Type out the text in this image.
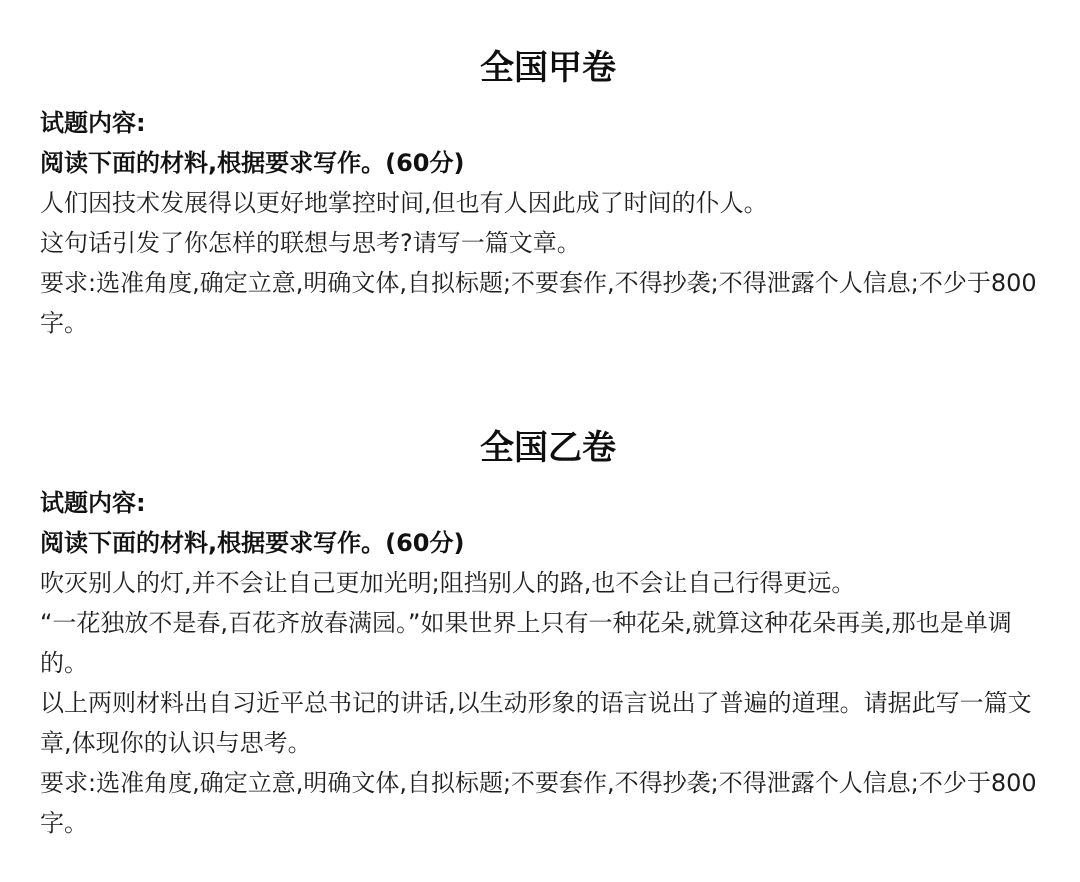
全国甲卷

试题内容:

阅读下面的材料,根据要求写作。(60分)

人们因技术发展得以更好地掌控时间,但也有人因此成了时间的仆人。

这句话引发了你怎样的联想与思考?请写一篇文章。

要求:选准角度,确定立意,明确文体,自拟标题;不要套作,不得抄袭;不得泄露个人信息;不少于800字。

全国乙卷

试题内容:

阅读下面的材料,根据要求写作。(60分)

吹灭别人的灯,并不会让自己更加光明;阻挡别人的路,也不会让自己行得更远。

“一花独放不是春,百花齐放春满园。”如果世界上只有一种花朵,就算这种花朵再美,那也是单调的。

以上两则材料出自习近平总书记的讲话,以生动形象的语言说出了普遍的道理。请据此写一篇文章,体现你的认识与思考。

要求:选准角度,确定立意,明确文体,自拟标题;不要套作,不得抄袭;不得泄露个人信息;不少于800字。
